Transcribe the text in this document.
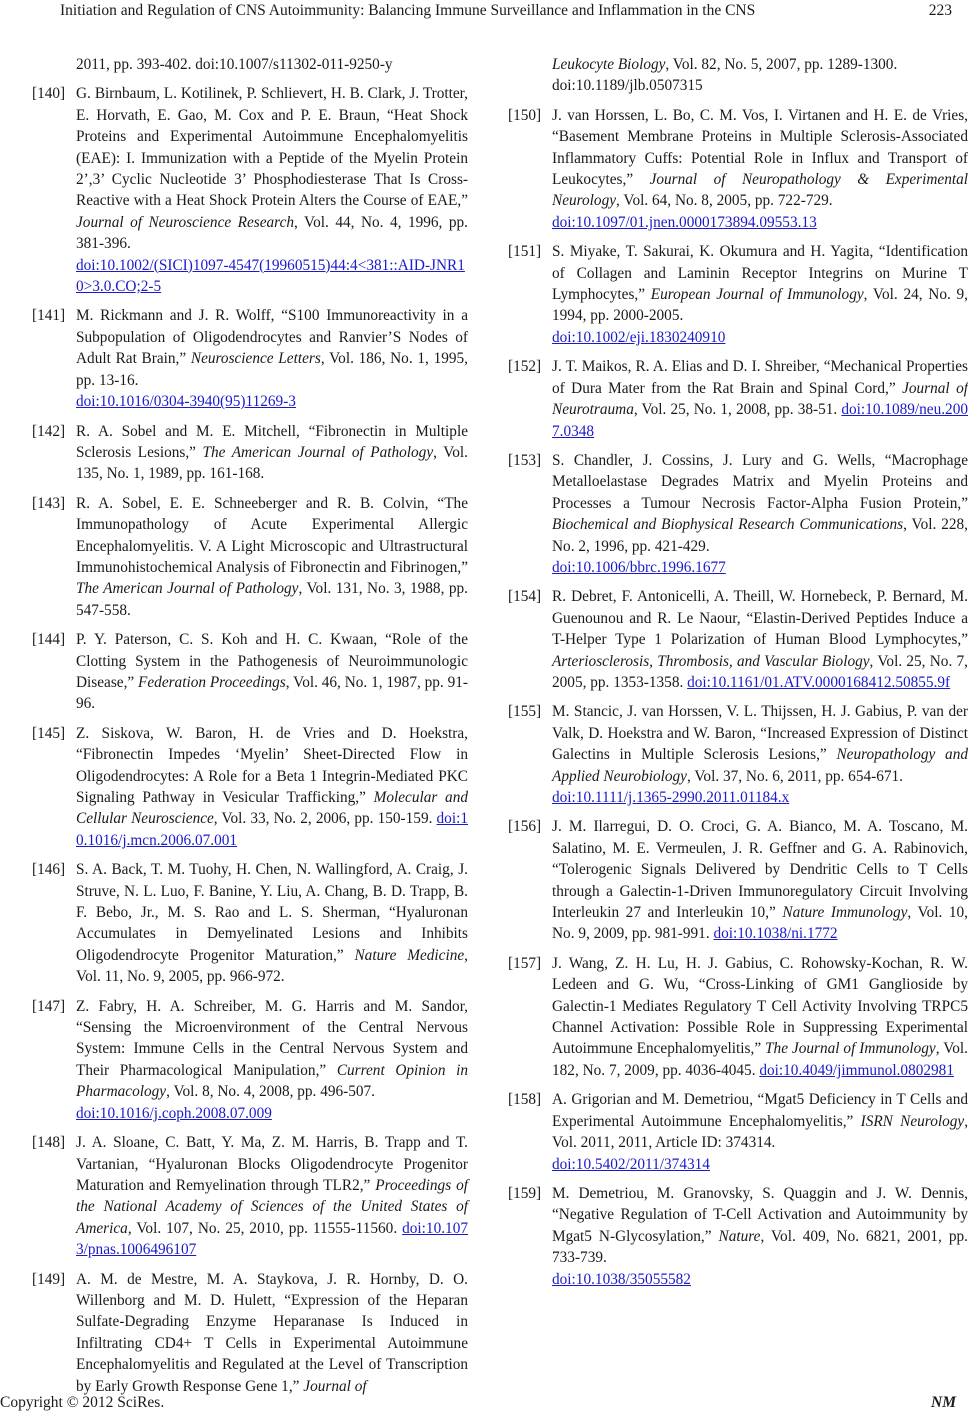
Initiation and Regulation of CNS Autoimmunity: Balancing Immune Surveillance and Inflammation in the CNS	223
2011, pp. 393-402. doi:10.1007/s11302-011-9250-y
[140] G. Birnbaum, L. Kotilinek, P. Schlievert, H. B. Clark, J. Trotter, E. Horvath, E. Gao, M. Cox and P. E. Braun, “Heat Shock Proteins and Experimental Autoimmune Encephalomyelitis (EAE): I. Immunization with a Peptide of the Myelin Protein 2’,3’ Cyclic Nucleotide 3’ Phosphodiesterase That Is Cross-Reactive with a Heat Shock Protein Alters the Course of EAE,” Journal of Neuroscience Research, Vol. 44, No. 4, 1996, pp. 381-396.
doi:10.1002/(SICI)1097-4547(19960515)44:4<381::AID-JNR10>3.0.CO;2-5
[141] M. Rickmann and J. R. Wolff, “S100 Immunoreactivity in a Subpopulation of Oligodendrocytes and Ranvier’S Nodes of Adult Rat Brain,” Neuroscience Letters, Vol. 186, No. 1, 1995, pp. 13-16.
doi:10.1016/0304-3940(95)11269-3
[142] R. A. Sobel and M. E. Mitchell, “Fibronectin in Multiple Sclerosis Lesions,” The American Journal of Pathology, Vol. 135, No. 1, 1989, pp. 161-168.
[143] R. A. Sobel, E. E. Schneeberger and R. B. Colvin, “The Immunopathology of Acute Experimental Allergic Encephalomyelitis. V. A Light Microscopic and Ultrastructural Immunohistochemical Analysis of Fibronectin and Fibrinogen,” The American Journal of Pathology, Vol. 131, No. 3, 1988, pp. 547-558.
[144] P. Y. Paterson, C. S. Koh and H. C. Kwaan, “Role of the Clotting System in the Pathogenesis of Neuroimmunologic Disease,” Federation Proceedings, Vol. 46, No. 1, 1987, pp. 91-96.
[145] Z. Siskova, W. Baron, H. de Vries and D. Hoekstra, “Fibronectin Impedes ‘Myelin’ Sheet-Directed Flow in Oligodendrocytes: A Role for a Beta 1 Integrin-Mediated PKC Signaling Pathway in Vesicular Trafficking,” Molecular and Cellular Neuroscience, Vol. 33, No. 2, 2006, pp. 150-159. doi:10.1016/j.mcn.2006.07.001
[146] S. A. Back, T. M. Tuohy, H. Chen, N. Wallingford, A. Craig, J. Struve, N. L. Luo, F. Banine, Y. Liu, A. Chang, B. D. Trapp, B. F. Bebo, Jr., M. S. Rao and L. S. Sherman, “Hyaluronan Accumulates in Demyelinated Lesions and Inhibits Oligodendrocyte Progenitor Maturation,” Nature Medicine, Vol. 11, No. 9, 2005, pp. 966-972.
[147] Z. Fabry, H. A. Schreiber, M. G. Harris and M. Sandor, “Sensing the Microenvironment of the Central Nervous System: Immune Cells in the Central Nervous System and Their Pharmacological Manipulation,” Current Opinion in Pharmacology, Vol. 8, No. 4, 2008, pp. 496-507.
doi:10.1016/j.coph.2008.07.009
[148] J. A. Sloane, C. Batt, Y. Ma, Z. M. Harris, B. Trapp and T. Vartanian, “Hyaluronan Blocks Oligodendrocyte Progenitor Maturation and Remyelination through TLR2,” Proceedings of the National Academy of Sciences of the United States of America, Vol. 107, No. 25, 2010, pp. 11555-11560. doi:10.1073/pnas.1006496107
[149] A. M. de Mestre, M. A. Staykova, J. R. Hornby, D. O. Willenborg and M. D. Hulett, “Expression of the Heparan Sulfate-Degrading Enzyme Heparanase Is Induced in Infiltrating CD4+ T Cells in Experimental Autoimmune Encephalomyelitis and Regulated at the Level of Transcription by Early Growth Response Gene 1,” Journal of
Leukocyte Biology, Vol. 82, No. 5, 2007, pp. 1289-1300.
doi:10.1189/jlb.0507315
[150] J. van Horssen, L. Bo, C. M. Vos, I. Virtanen and H. E. de Vries, “Basement Membrane Proteins in Multiple Sclerosis-Associated Inflammatory Cuffs: Potential Role in Influx and Transport of Leukocytes,” Journal of Neuropathology & Experimental Neurology, Vol. 64, No. 8, 2005, pp. 722-729.
doi:10.1097/01.jnen.0000173894.09553.13
[151] S. Miyake, T. Sakurai, K. Okumura and H. Yagita, “Identification of Collagen and Laminin Receptor Integrins on Murine T Lymphocytes,” European Journal of Immunology, Vol. 24, No. 9, 1994, pp. 2000-2005.
doi:10.1002/eji.1830240910
[152] J. T. Maikos, R. A. Elias and D. I. Shreiber, “Mechanical Properties of Dura Mater from the Rat Brain and Spinal Cord,” Journal of Neurotrauma, Vol. 25, No. 1, 2008, pp. 38-51. doi:10.1089/neu.2007.0348
[153] S. Chandler, J. Cossins, J. Lury and G. Wells, “Macrophage Metalloelastase Degrades Matrix and Myelin Proteins and Processes a Tumour Necrosis Factor-Alpha Fusion Protein,” Biochemical and Biophysical Research Communications, Vol. 228, No. 2, 1996, pp. 421-429.
doi:10.1006/bbrc.1996.1677
[154] R. Debret, F. Antonicelli, A. Theill, W. Hornebeck, P. Bernard, M. Guenounou and R. Le Naour, “Elastin-Derived Peptides Induce a T-Helper Type 1 Polarization of Human Blood Lymphocytes,” Arteriosclerosis, Thrombosis, and Vascular Biology, Vol. 25, No. 7, 2005, pp. 1353-1358. doi:10.1161/01.ATV.0000168412.50855.9f
[155] M. Stancic, J. van Horssen, V. L. Thijssen, H. J. Gabius, P. van der Valk, D. Hoekstra and W. Baron, “Increased Expression of Distinct Galectins in Multiple Sclerosis Lesions,” Neuropathology and Applied Neurobiology, Vol. 37, No. 6, 2011, pp. 654-671.
doi:10.1111/j.1365-2990.2011.01184.x
[156] J. M. Ilarregui, D. O. Croci, G. A. Bianco, M. A. Toscano, M. Salatino, M. E. Vermeulen, J. R. Geffner and G. A. Rabinovich, “Tolerogenic Signals Delivered by Dendritic Cells to T Cells through a Galectin-1-Driven Immunoregulatory Circuit Involving Interleukin 27 and Interleukin 10,” Nature Immunology, Vol. 10, No. 9, 2009, pp. 981-991. doi:10.1038/ni.1772
[157] J. Wang, Z. H. Lu, H. J. Gabius, C. Rohowsky-Kochan, R. W. Ledeen and G. Wu, “Cross-Linking of GM1 Ganglioside by Galectin-1 Mediates Regulatory T Cell Activity Involving TRPC5 Channel Activation: Possible Role in Suppressing Experimental Autoimmune Encephalomyelitis,” The Journal of Immunology, Vol. 182, No. 7, 2009, pp. 4036-4045. doi:10.4049/jimmunol.0802981
[158] A. Grigorian and M. Demetriou, “Mgat5 Deficiency in T Cells and Experimental Autoimmune Encephalomyelitis,” ISRN Neurology, Vol. 2011, 2011, Article ID: 374314.
doi:10.5402/2011/374314
[159] M. Demetriou, M. Granovsky, S. Quaggin and J. W. Dennis, “Negative Regulation of T-Cell Activation and Autoimmunity by Mgat5 N-Glycosylation,” Nature, Vol. 409, No. 6821, 2001, pp. 733-739.
doi:10.1038/35055582
Copyright © 2012 SciRes.	NM
